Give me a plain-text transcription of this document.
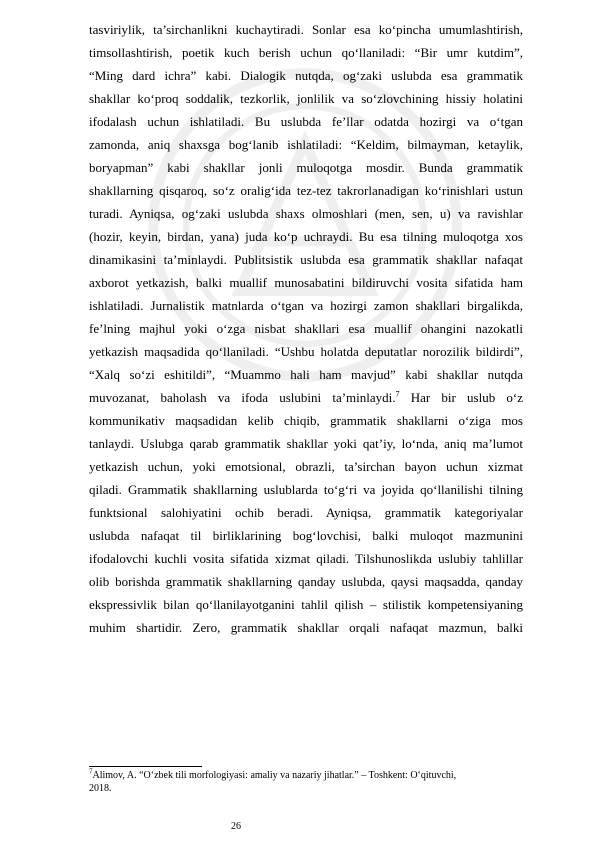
tasviriylik, ta’sirchanlikni kuchaytiradi. Sonlar esa ko‘pincha umumlashtirish,
timsollashtirish, poetik kuch berish uchun qo‘llaniladi: “Bir umr kutdim”,
“Ming dard ichra” kabi. Dialogik nutqda, og‘zaki uslubda esa grammatik
shakllar ko‘proq soddalik, tezkorlik, jonlilik va so‘zlovchining hissiy holatini
ifodalash uchun ishlatiladi. Bu uslubda fe’llar odatda hozirgi va o‘tgan
zamonda, aniq shaxsga bog‘lanib ishlatiladi: “Keldim, bilmayman, ketaylik,
boryapman” kabi shakllar jonli muloqotga mosdir. Bunda grammatik
shakllarning qisqaroq, so‘z oralig‘ida tez-tez takrorlanadigan ko‘rinishlari ustun
turadi. Ayniqsa, og‘zaki uslubda shaxs olmoshlari (men, sen, u) va ravishlar
(hozir, keyin, birdan, yana) juda ko‘p uchraydi. Bu esa tilning muloqotga xos
dinamikasini ta’minlaydi. Publitsistik uslubda esa grammatik shakllar nafaqat
axborot yetkazish, balki muallif munosabatini bildiruvchi vosita sifatida ham
ishlatiladi. Jurnalistik matnlarda o‘tgan va hozirgi zamon shakllari birgalikda,
fe’lning majhul yoki o‘zga nisbat shakllari esa muallif ohangini nazokatli
yetkazish maqsadida qo‘llaniladi. “Ushbu holatda deputatlar norozilik bildirdi”,
“Xalq so‘zi eshitildi”, “Muammo hali ham mavjud” kabi shakllar nutqda
muvozanat, baholash va ifoda uslubini ta’minlaydi.$^7$ Har bir uslub o‘z
kommunikativ maqsadidan kelib chiqib, grammatik shakllarni o‘ziga mos
tanlaydi. Uslubga qarab grammatik shakllar yoki qat’iy, lo‘nda, aniq ma’lumot
yetkazish uchun, yoki emotsional, obrazli, ta’sirchan bayon uchun xizmat
qiladi. Grammatik shakllarning uslublarda to‘g‘ri va joyida qo‘llanilishi tilning
funktsional salohiyatini ochib beradi. Ayniqsa, grammatik kategoriyalar
uslubda nafaqat til birliklarining bog‘lovchisi, balki muloqot mazmunini
ifodalovchi kuchli vosita sifatida xizmat qiladi. Tilshunoslikda uslubiy tahlillar
olib borishda grammatik shakllarning qanday uslubda, qaysi maqsadda, qanday
ekspressivlik bilan qo‘llanilayotganini tahlil qilish – stilistik kompetensiyaning
muhim shartidir. Zero, grammatik shakllar orqali nafaqat mazmun, balki
$^7$Alimov, A. “O‘zbek tili morfologiyasi: amaliy va nazariy jihatlar.” – Toshkent: O‘qituvchi,
2018.
26
